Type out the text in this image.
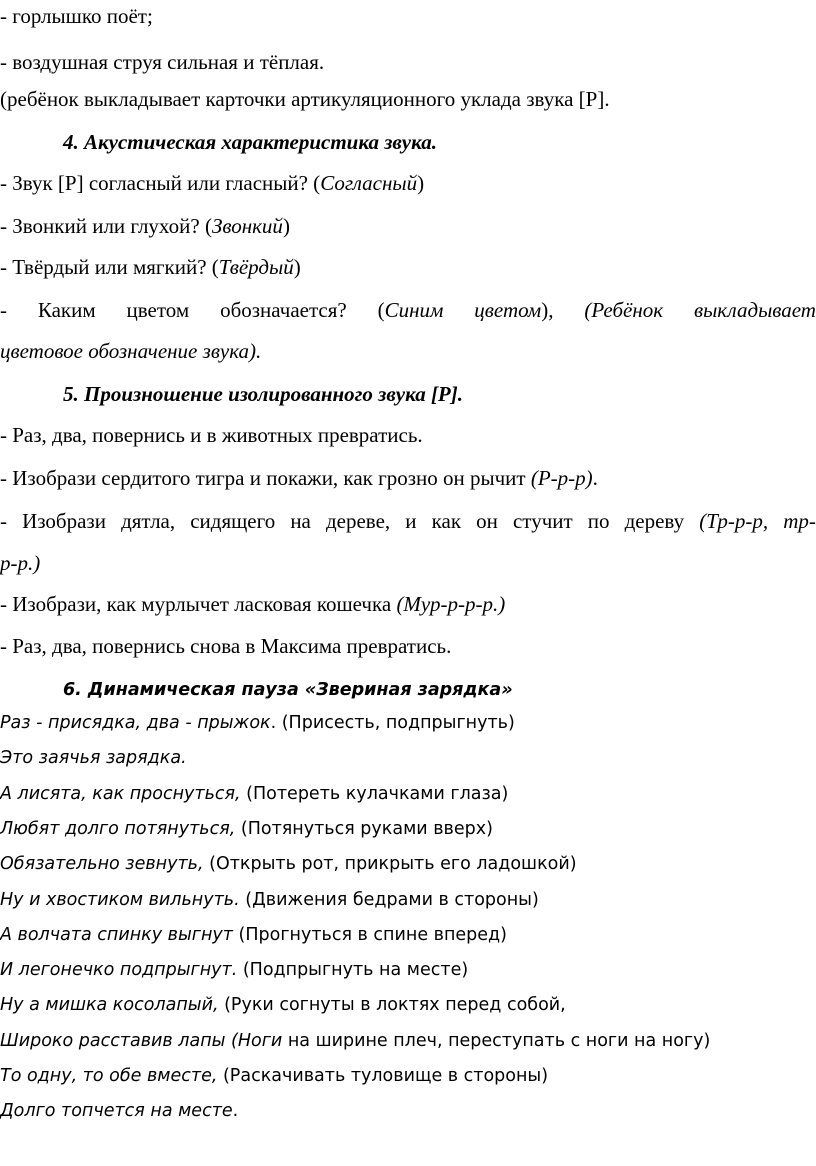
- горлышко поёт;
- воздушная струя сильная и тёплая.
(ребёнок выкладывает карточки артикуляционного уклада звука [Р].
4. Акустическая характеристика звука.
- Звук [Р] согласный или гласный? (Согласный)
- Звонкий или глухой? (Звонкий)
- Твёрдый или мягкий? (Твёрдый)
- Каким цветом обозначается? (Синим цветом), (Ребёнок выкладывает
цветовое обозначение звука).
5. Произношение изолированного звука [Р].
- Раз, два, повернись и в животных превратись.
- Изобрази сердитого тигра и покажи, как грозно он рычит (Р-р-р).
- Изобрази дятла, сидящего на дереве, и как он стучит по дереву (Тр-р-р, тр-
р-р.)
- Изобрази, как мурлычет ласковая кошечка (Мур-р-р-р.)
- Раз, два, повернись снова в Максима превратись.
6. Динамическая пауза «Звериная зарядка»
Раз - присядка, два - прыжок. (Присесть, подпрыгнуть)
Это заячья зарядка.
А лисята, как проснуться, (Потереть кулачками глаза)
Любят долго потянуться, (Потянуться руками вверх)
Обязательно зевнуть, (Открыть рот, прикрыть его ладошкой)
Ну и хвостиком вильнуть. (Движения бедрами в стороны)
А волчата спинку выгнут (Прогнуться в спине вперед)
И легонечко подпрыгнут. (Подпрыгнуть на месте)
Ну а мишка косолапый, (Руки согнуты в локтях перед собой,
Широко расставив лапы (Ноги на ширине плеч, переступать с ноги на ногу)
То одну, то обе вместе, (Раскачивать туловище в стороны)
Долго топчется на месте.
